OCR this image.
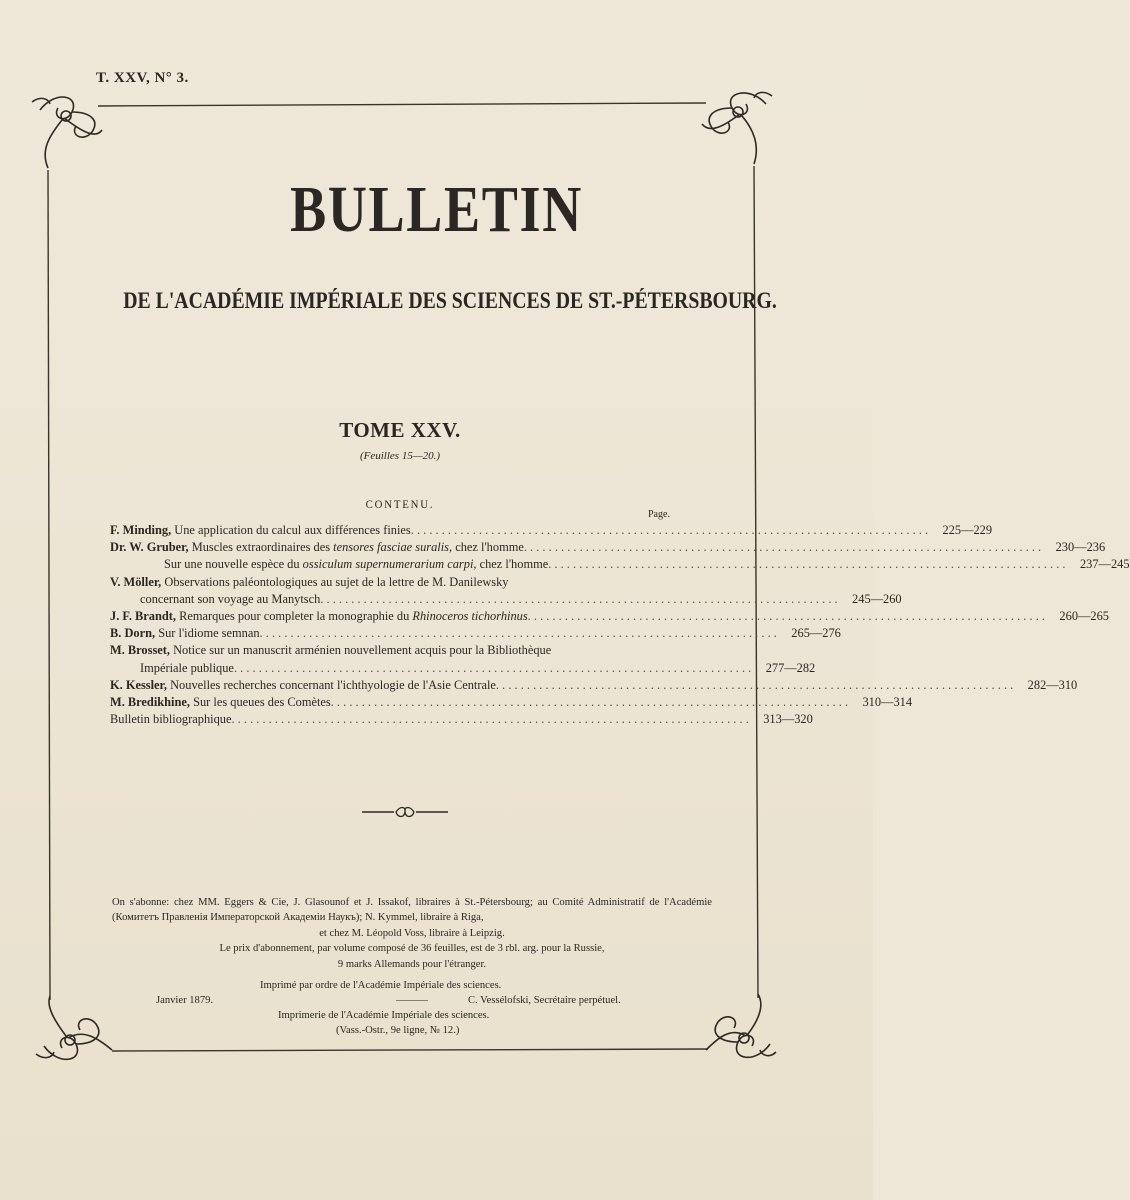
T. XXV, N° 3.
BULLETIN
DE L'ACADÉMIE IMPÉRIALE DES SCIENCES DE ST.-PÉTERSBOURG.
TOME XXV.
(Feuilles 15—20.)
CONTENU.
Page.
F. Minding, Une application du calcul aux différences finies . . .	225—229
Dr. W. Gruber, Muscles extraordinaires des tensores fasciae suralis, chez l'homme . . .	230—236
Sur une nouvelle espèce du ossiculum supernumerarium carpi, chez l'homme . . .	237—245
V. Möller, Observations paléontologiques au sujet de la lettre de M. Danilewsky
concernant son voyage au Manytsch . . .	245—260
J. F. Brandt, Remarques pour completer la monographie du Rhinoceros tichorhinus . . .	260—265
B. Dorn, Sur l'idiome semnan . . .	265—276
M. Brosset, Notice sur un manuscrit arménien nouvellement acquis pour la Bibliothèque
Impériale publique . . .	277—282
K. Kessler, Nouvelles recherches concernant l'ichthyologie de l'Asie Centrale . . .	282—310
M. Bredikhine, Sur les queues des Comètes . . .	310—314
Bulletin bibliographique . . .	313—320
On s'abonne: chez MM. Eggers & Cie, J. Glasounof et J. Issakof, libraires à St.-Pétersbourg; au Comité Administratif de l'Académie (Комитетъ Правленія Императорской Академіи Наукъ); N. Kymmel, libraire à Riga,
et chez M. Léopold Voss, libraire à Leipzig.
Le prix d'abonnement, par volume composé de 36 feuilles, est de 3 rbl. arg. pour la Russie,
9 marks Allemands pour l'étranger.
Imprimé par ordre de l'Académie Impériale des sciences.
Janvier 1879.	———	C. Vessélofski, Secrétaire perpétuel.
Imprimerie de l'Académie Impériale des sciences.
(Vass.-Ostr., 9e ligne, № 12.)
